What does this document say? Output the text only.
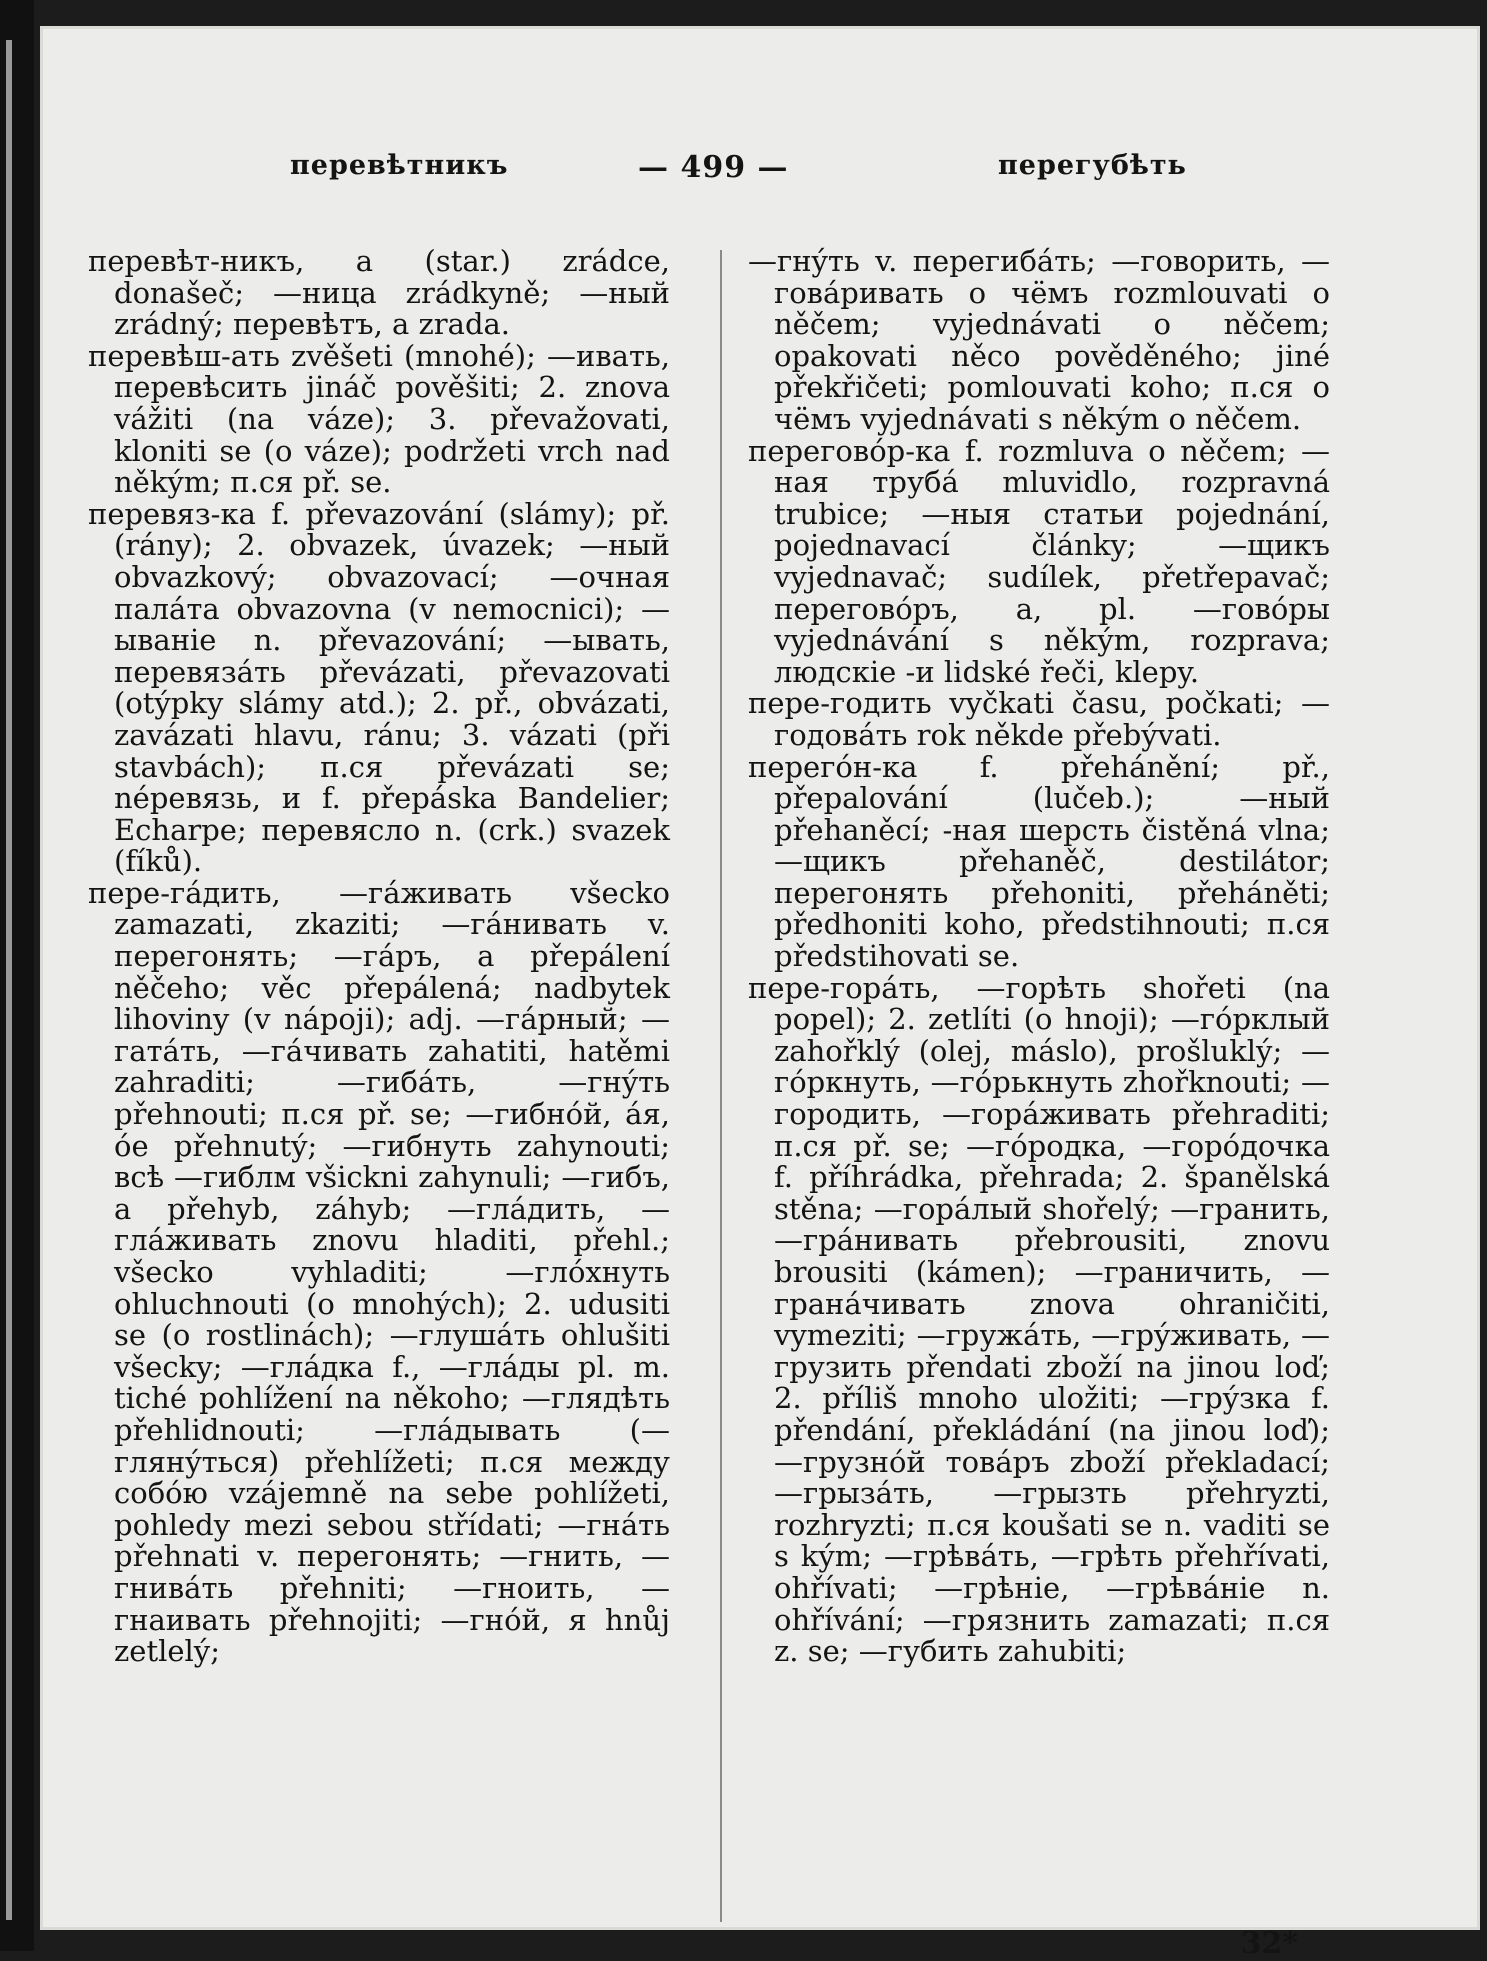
перевѣтникъ	— 499 —	перегубѣть

перевѣт-никъ, a (star.) zrádce, donašeč; —ница zrádkyně; —ный zrádný; перевѣтъ, a zrada.

перевѣш-ать zvěšeti (mnohé); —ивать, перевѣсить jináč pověšiti; 2. znova vážiti (na váze); 3. převažovati, kloniti se (o váze); podržeti vrch nad někým; п.ся př. se.

перевяз-ка f. převazování (slámy); př. (rány); 2. obvazek, úvazek; —ный obvazkový; obvazovací; —очная палáта obvazovna (v nemocnici); —ыванie n. převazování; —ывать, перевязáть převázati, převazovati (otýpky slámy atd.); 2. př., obvázati, zavázati hlavu, ránu; 3. vázati (při stavbách); п.ся převázati se; népeвязь, и f. přepáska Bandelier; Echarpe; перевясло n. (crk.) svazek (fíků).

пере-гáдить, —гáживать všecko zamazati, zkaziti; —гáнивать v. перегонять; —гáръ, a přepálení něčeho; věc přepálená; nadbytek lihoviny (v nápoji); adj. —гáрный; —гатáть, —гáчивать zahatiti, hatěmi zahraditi; —гибáть, —гнýть přehnouti; п.ся př. se; —гибнóй, áя, óe přehnutý; —гибнуть zahynouti; всѣ —гиблм všickni zahynuli; —гибъ, a přehyb, záhyb; —глáдить, —глáживать znovu hladiti, přehl.; všecko vyhladiti; —глóхнуть ohluchnouti (o mnohých); 2. udusiti se (o rostlinách); —глушáть ohlušiti všecky; —глáдка f., —глáды pl. m. tiché pohlížení na někoho; —глядѣть přehlidnouti; —глáдывать (—глянýться) přehlížeti; п.ся между собóю vzájemně na sebe pohlížeti, pohledy mezi sebou střídati; —гнáть přehnati v. перегонять; —гнить, —гнивáть přehniti; —гноить, —гнаивать přehnojiti; —гнóй, я hnůj zetlelý;

—гнýть v. перегибáть; —говорить, —говáривать o чёмъ rozmlouvati o něčem; vyjednávati o něčem; opakovati něco pověděného; jiné překřičeti; pomlouvati koho; п.ся o чёмъ vyjednávati s někým o něčem.

переговóр-ка f. rozmluva o něčem; —ная трубá mluvidlo, rozpravná trubice; —ныя статьи pojednání, pojednavací články; —щикъ vyjednavač; sudílek, přetřepavač; переговóръ, a, pl. —говóры vyjednávání s někým, rozprava; людскіе -и lidské řeči, klepy.

пере-годить vyčkati času, počkati; —годовáть rok někde přebývati.

перегóн-ка f. přehánění; př., přepalování (lučeb.); —ный přehaněcí; -ная шерсть čistěná vlna; —щикъ přehaněč, destilátor; перегонять přehoniti, přeháněti; předhoniti koho, předstihnouti; п.ся předstihovati se.

пере-горáть, —горѣть shořeti (na popel); 2. zetlíti (o hnoji); —гóрклый zahořklý (olej, máslo), prošluklý; —гóркнуть, —гóрькнуть zhořknouti; —городить, —горáживать přehraditi; п.ся př. se; —гóродка, —гoрóдочка f. příhrádka, přehrada; 2. španělská stěna; —горáлый shořelý; —гранить, —грáнивать přebrousiti, znovu brousiti (kámen); —граничить, —гранáчивать znova ohraničiti, vymeziti; —гружáть, —грýживать, —грузить přendati zboží na jinou loď; 2. příliš mnoho uložiti; —грýзка f. přendání, překládání (na jinou loď); —грузнóй товáръ zboží překladací; —грызáть, —грызть přehryzti, rozhryzti; п.ся koušati se n. vaditi se s kým; —грѣвáть, —грѣть přehřívati, ohřívati; —грѣніе, —грѣвáніе n. ohřívání; —грязнить zamazati; п.ся z. se; —губить zahubiti;

32*
